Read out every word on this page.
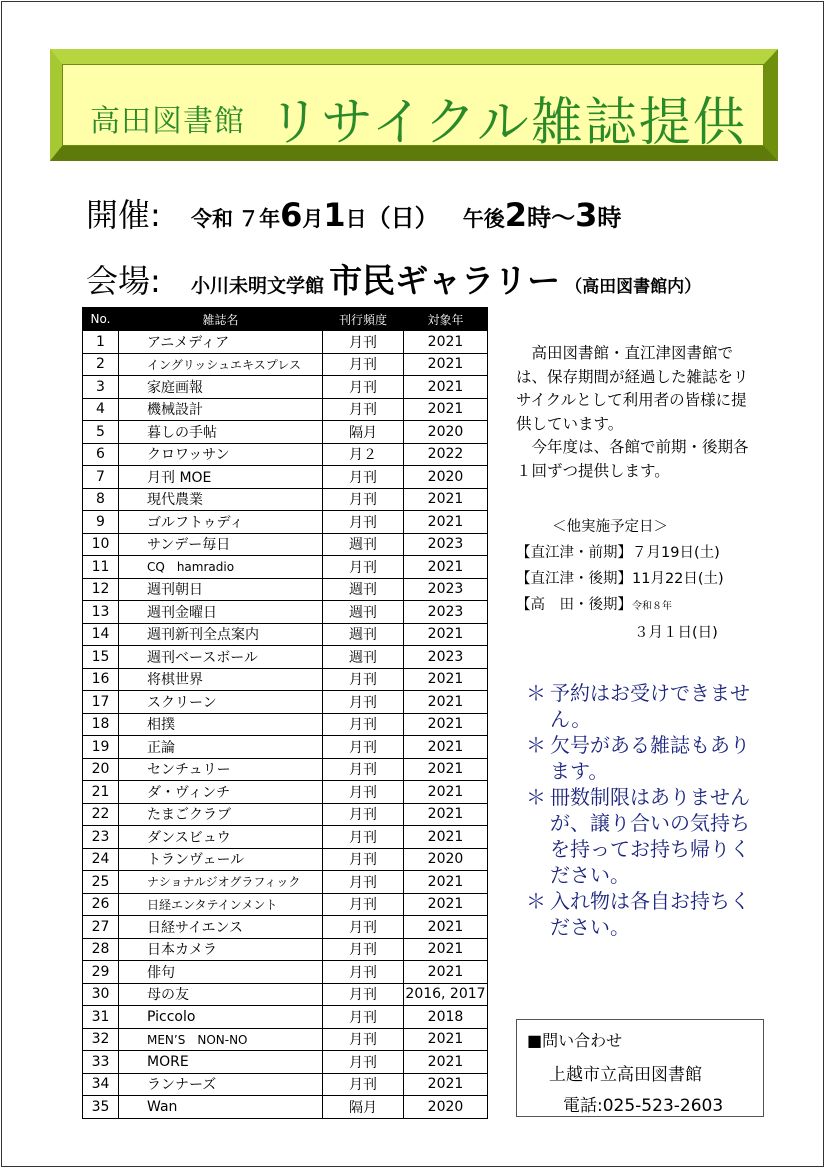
高田図書館 リサイクル雑誌提供
開催: 令和 ７年6月1日（日） 午後2時〜3時
会場: 小川未明文学館 市民ギャラリー （高田図書館内）
No.	雑誌名	刊行頻度	対象年
1	アニメディア	月刊	2021
2	イングリッシュエキスプレス	月刊	2021
3	家庭画報	月刊	2021
4	機械設計	月刊	2021
5	暮しの手帖	隔月	2020
6	クロワッサン	月２	2022
7	月刊 MOE	月刊	2020
8	現代農業	月刊	2021
9	ゴルフトゥディ	月刊	2021
10	サンデー毎日	週刊	2023
11	CQ　hamradio	月刊	2021
12	週刊朝日	週刊	2023
13	週刊金曜日	週刊	2023
14	週刊新刊全点案内	週刊	2021
15	週刊ベースボール	週刊	2023
16	将棋世界	月刊	2021
17	スクリーン	月刊	2021
18	相撲	月刊	2021
19	正論	月刊	2021
20	センチュリー	月刊	2021
21	ダ・ヴィンチ	月刊	2021
22	たまごクラブ	月刊	2021
23	ダンスビュウ	月刊	2021
24	トランヴェール	月刊	2020
25	ナショナルジオグラフィック	月刊	2021
26	日経エンタテインメント	月刊	2021
27	日経サイエンス	月刊	2021
28	日本カメラ	月刊	2021
29	俳句	月刊	2021
30	母の友	月刊	2016, 2017
31	Piccolo	月刊	2018
32	MEN’S　NON-NO	月刊	2021
33	MORE	月刊	2021
34	ランナーズ	月刊	2021
35	Wan	隔月	2020

高田図書館・直江津図書館では、保存期間が経過した雑誌をリサイクルとして利用者の皆様に提供しています。

今年度は、各館で前期・後期各１回ずつ提供します。

＜他実施予定日＞
【直江津・前期】７月19日(土)
【直江津・後期】11月22日(土)
【高　田・後期】令和８年
３月１日(日)
＊ 予約はお受けできません。
＊ 欠号がある雑誌もあります。
＊ 冊数制限はありませんが、譲り合いの気持ちを持ってお持ち帰りください。
＊ 入れ物は各自お持ちください。
■問い合わせ
上越市立高田図書館
電話:025-523-2603
